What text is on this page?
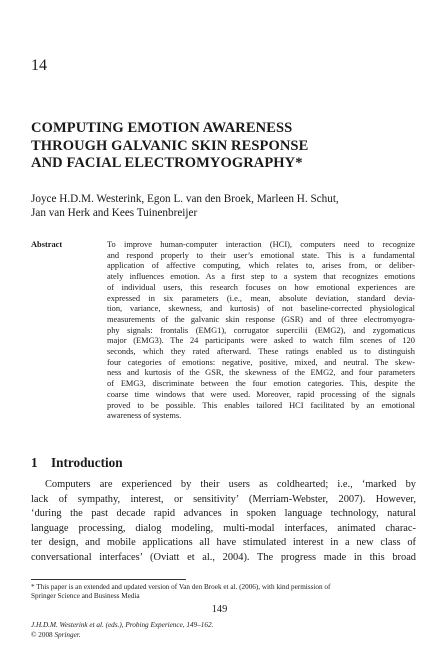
14
COMPUTING EMOTION AWARENESS
THROUGH GALVANIC SKIN RESPONSE
AND FACIAL ELECTROMYOGRAPHY*
Joyce H.D.M. Westerink, Egon L. van den Broek, Marleen H. Schut,
Jan van Herk and Kees Tuinenbreijer
Abstract	To improve human-computer interaction (HCI), computers need to recognize
and respond properly to their user’s emotional state. This is a fundamental
application of affective computing, which relates to, arises from, or deliber-
ately influences emotion. As a first step to a system that recognizes emotions
of individual users, this research focuses on how emotional experiences are
expressed in six parameters (i.e., mean, absolute deviation, standard devia-
tion, variance, skewness, and kurtosis) of not baseline-corrected physiological
measurements of the galvanic skin response (GSR) and of three electromyogra-
phy signals: frontalis (EMG1), corrugator supercilii (EMG2), and zygomaticus
major (EMG3). The 24 participants were asked to watch film scenes of 120
seconds, which they rated afterward. These ratings enabled us to distinguish
four categories of emotions: negative, positive, mixed, and neutral. The skew-
ness and kurtosis of the GSR, the skewness of the EMG2, and four parameters
of EMG3, discriminate between the four emotion categories. This, despite the
coarse time windows that were used. Moreover, rapid processing of the signals
proved to be possible. This enables tailored HCI facilitated by an emotional
awareness of systems.
1 Introduction
Computers are experienced by their users as coldhearted; i.e., ‘marked by
lack of sympathy, interest, or sensitivity’ (Merriam-Webster, 2007). However,
‘during the past decade rapid advances in spoken language technology, natural
language processing, dialog modeling, multi-modal interfaces, animated charac-
ter design, and mobile applications all have stimulated interest in a new class of
conversational interfaces’ (Oviatt et al., 2004). The progress made in this broad
* This paper is an extended and updated version of Van den Broek et al. (2006), with kind permission of
Springer Science and Business Media
149
J.H.D.M. Westerink et al. (eds.), Probing Experience, 149–162.
© 2008 Springer.
